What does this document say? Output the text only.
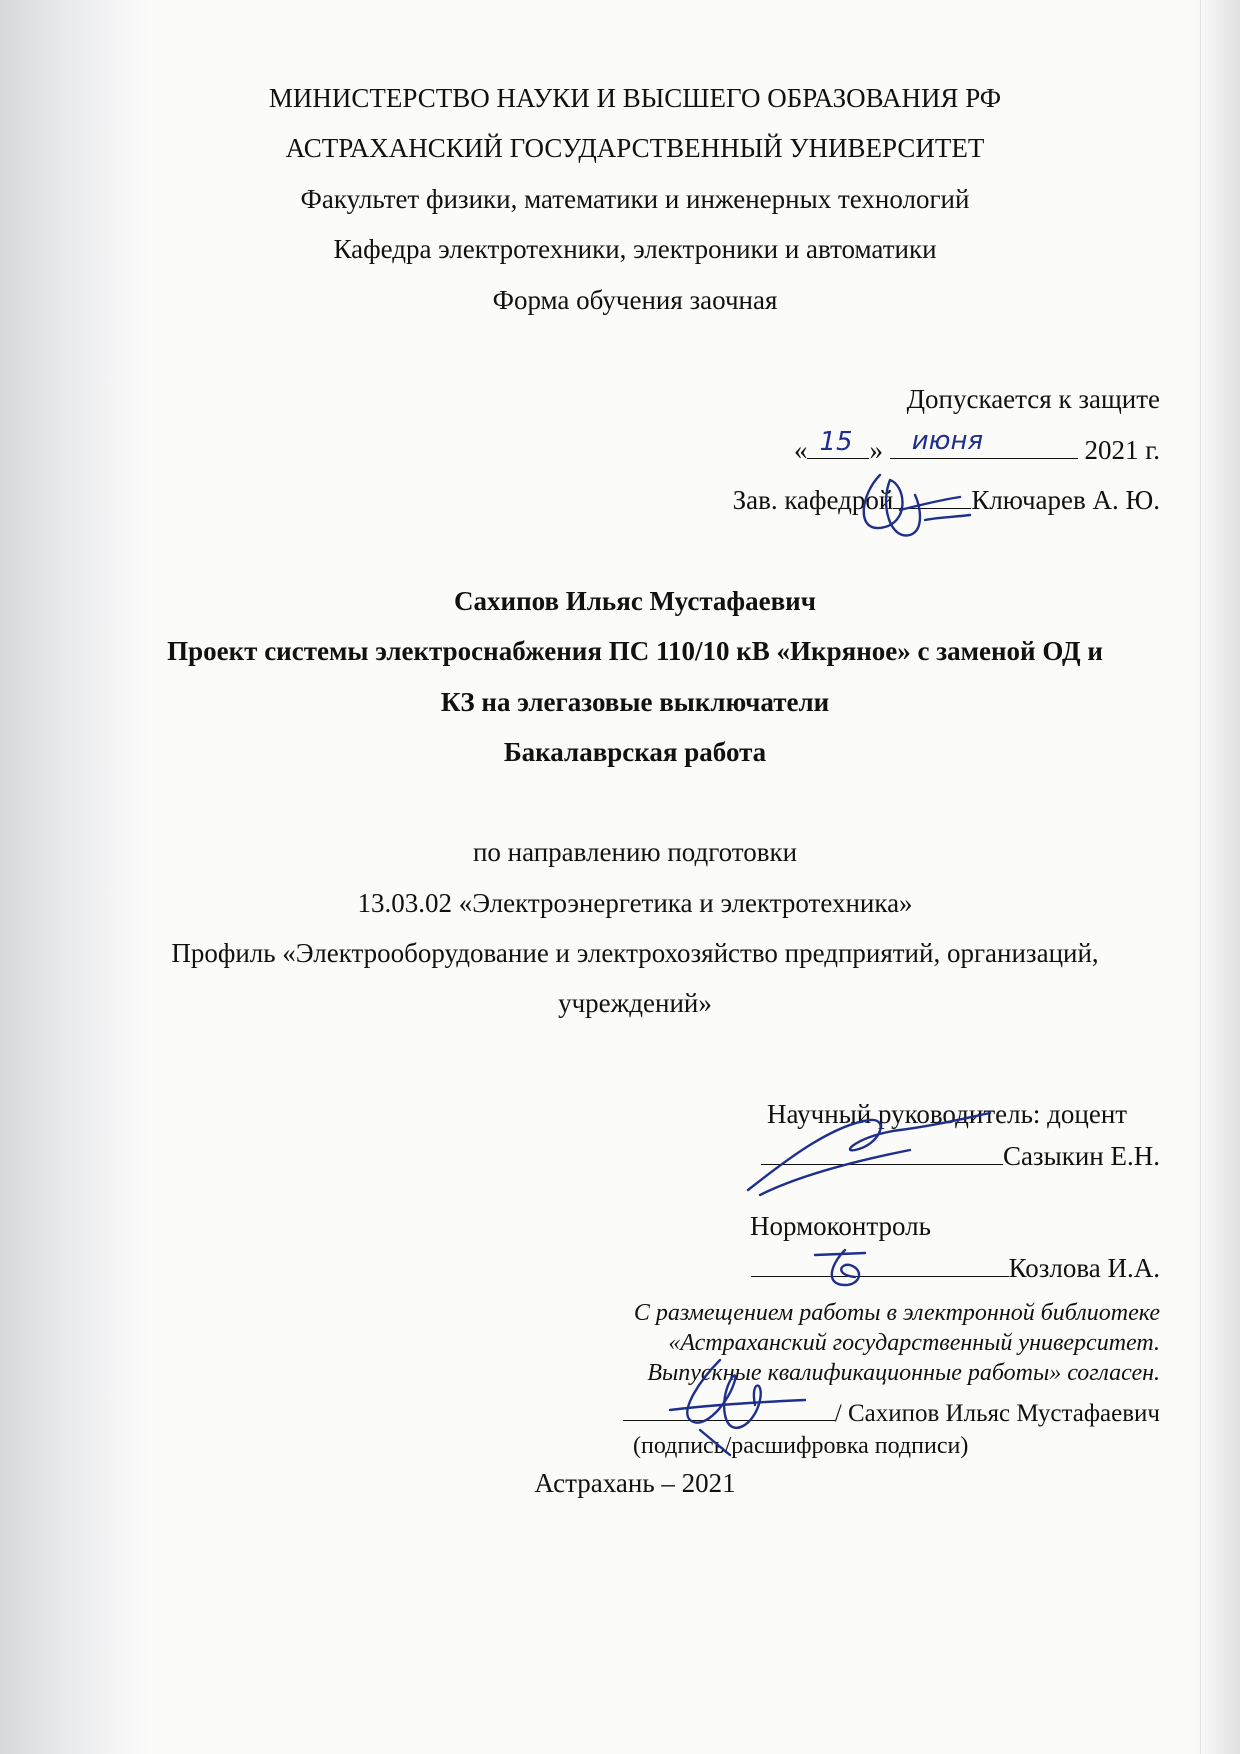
МИНИСТЕРСТВО НАУКИ И ВЫСШЕГО ОБРАЗОВАНИЯ РФ
АСТРАХАНСКИЙ ГОСУДАРСТВЕННЫЙ УНИВЕРСИТЕТ
Факультет физики, математики и инженерных технологий
Кафедра электротехники, электроники и автоматики
Форма обучения заочная
Допускается к защите
« 15 » июня	2021 г.
Зав. кафедрой	Ключарев А. Ю.
Сахипов Ильяс Мустафаевич
Проект системы электроснабжения ПС 110/10 кВ «Икряное» с заменой ОД и
КЗ на элегазовые выключатели
Бакалаврская работа
по направлению подготовки
13.03.02 «Электроэнергетика и электротехника»
Профиль «Электрооборудование и электрохозяйство предприятий, организаций,
учреждений»
Научный руководитель: доцент
Сазыкин Е.Н.
Нормоконтроль
Козлова И.А.
С размещением работы в электронной библиотеке
«Астраханский государственный университет.
Выпускные квалификационные работы» согласен.
/ Сахипов Ильяс Мустафаевич
(подпись/расшифровка подписи)
Астрахань – 2021
